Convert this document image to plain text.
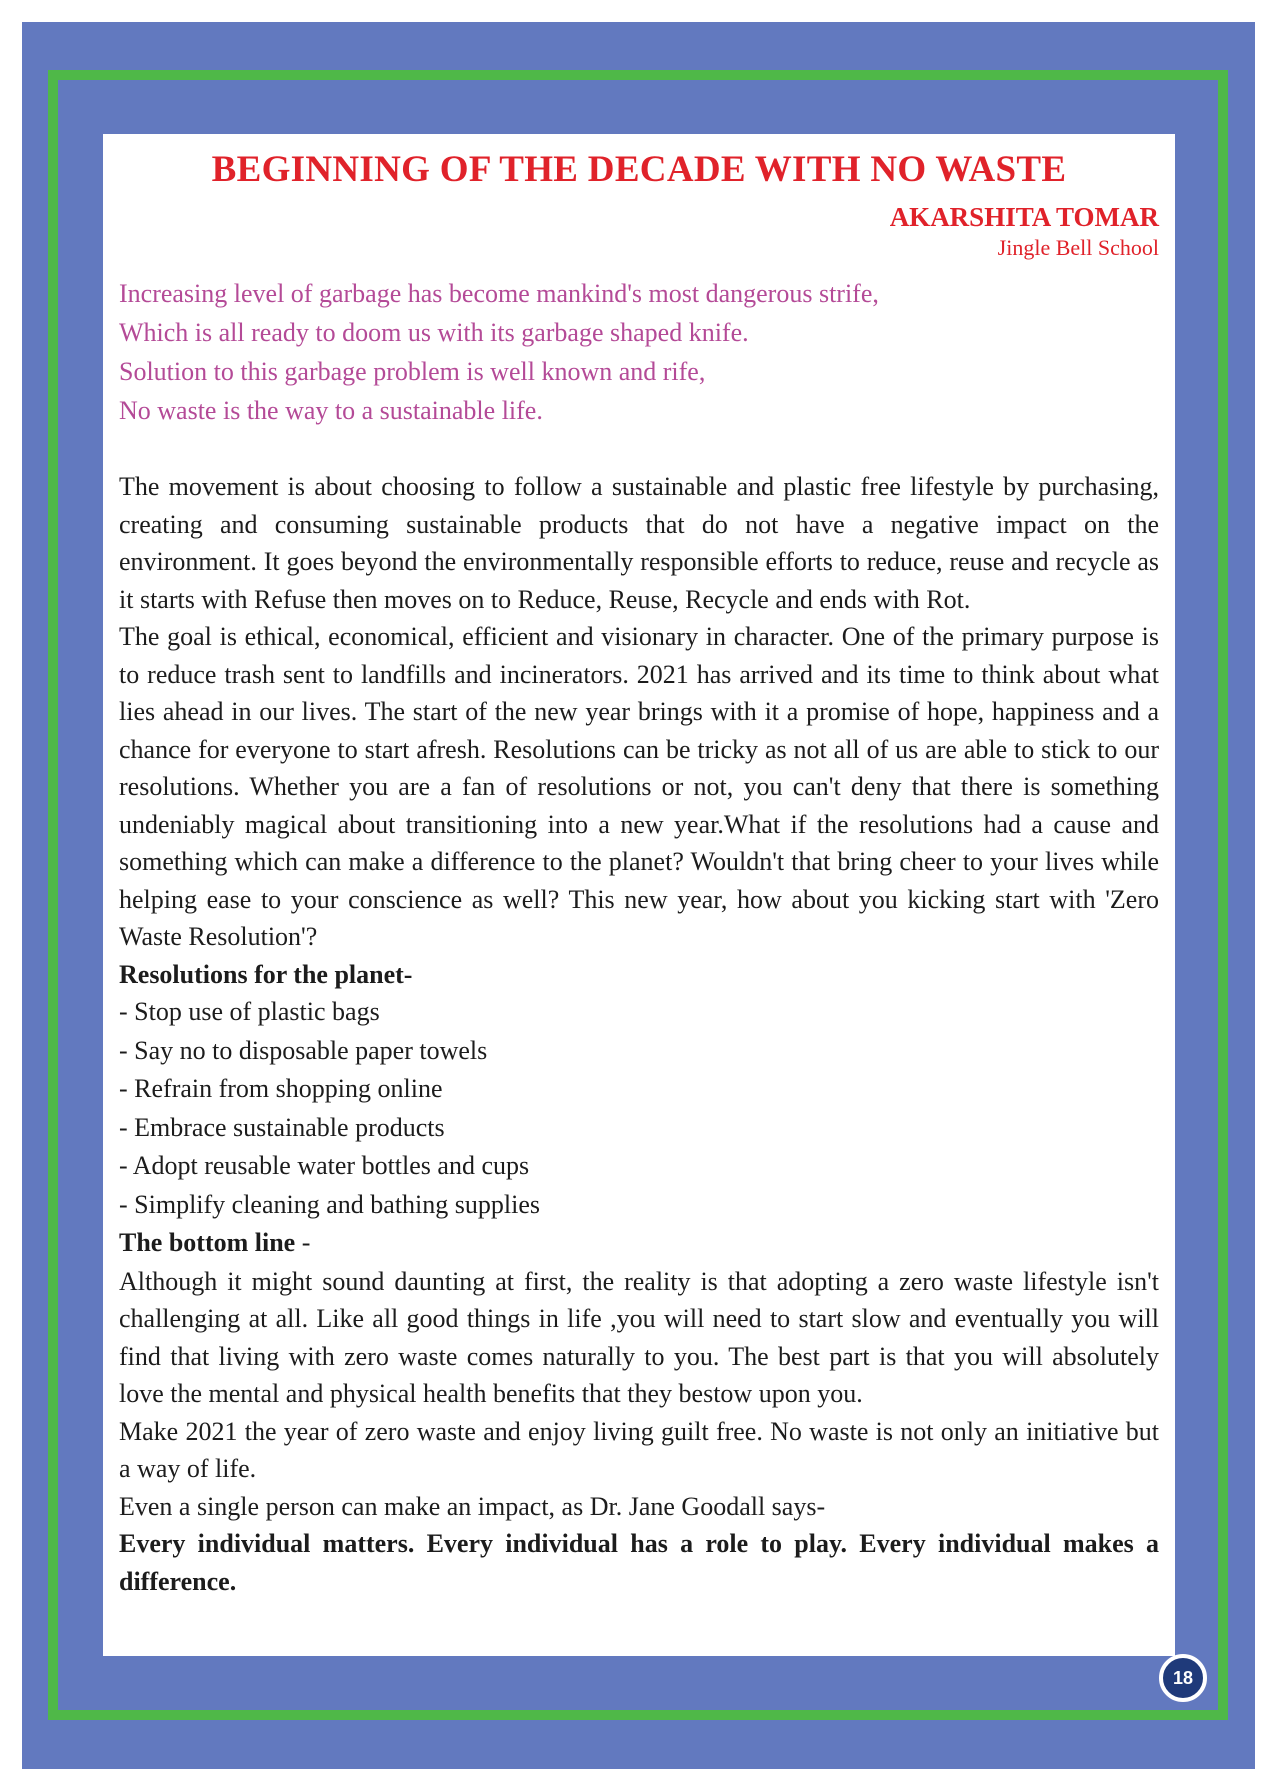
BEGINNING OF THE DECADE WITH NO WASTE
AKARSHITA TOMAR
Jingle Bell School
Increasing level of garbage has become mankind's most dangerous strife,
Which is all ready to doom us with its garbage shaped knife.
Solution to this garbage problem is well known and rife,
No waste is the way to a sustainable life.

The movement is about choosing to follow a sustainable and plastic free lifestyle by purchasing, creating and consuming sustainable products that do not have a negative impact on the environment. It goes beyond the environmentally responsible efforts to reduce, reuse and recycle as it starts with Refuse then moves on to Reduce, Reuse, Recycle and ends with Rot.

The goal is ethical, economical, efficient and visionary in character. One of the primary purpose is to reduce trash sent to landfills and incinerators. 2021 has arrived and its time to think about what lies ahead in our lives. The start of the new year brings with it a promise of hope, happiness and a chance for everyone to start afresh. Resolutions can be tricky as not all of us are able to stick to our resolutions. Whether you are a fan of resolutions or not, you can't deny that there is something undeniably magical about transitioning into a new year.What if the resolutions had a cause and something which can make a difference to the planet? Wouldn't that bring cheer to your lives while helping ease to your conscience as well? This new year, how about you kicking start with 'Zero Waste Resolution'?

Resolutions for the planet-

- Stop use of plastic bags

- Say no to disposable paper towels

- Refrain from shopping online

- Embrace sustainable products

- Adopt reusable water bottles and cups

- Simplify cleaning and bathing supplies

The bottom line -

Although it might sound daunting at first, the reality is that adopting a zero waste lifestyle isn't challenging at all. Like all good things in life ,you will need to start slow and eventually you will find that living with zero waste comes naturally to you. The best part is that you will absolutely love the mental and physical health benefits that they bestow upon you.

Make 2021 the year of zero waste and enjoy living guilt free. No waste is not only an initiative but a way of life.

Even a single person can make an impact, as Dr. Jane Goodall says-

Every individual matters. Every individual has a role to play. Every individual makes a difference.

18
